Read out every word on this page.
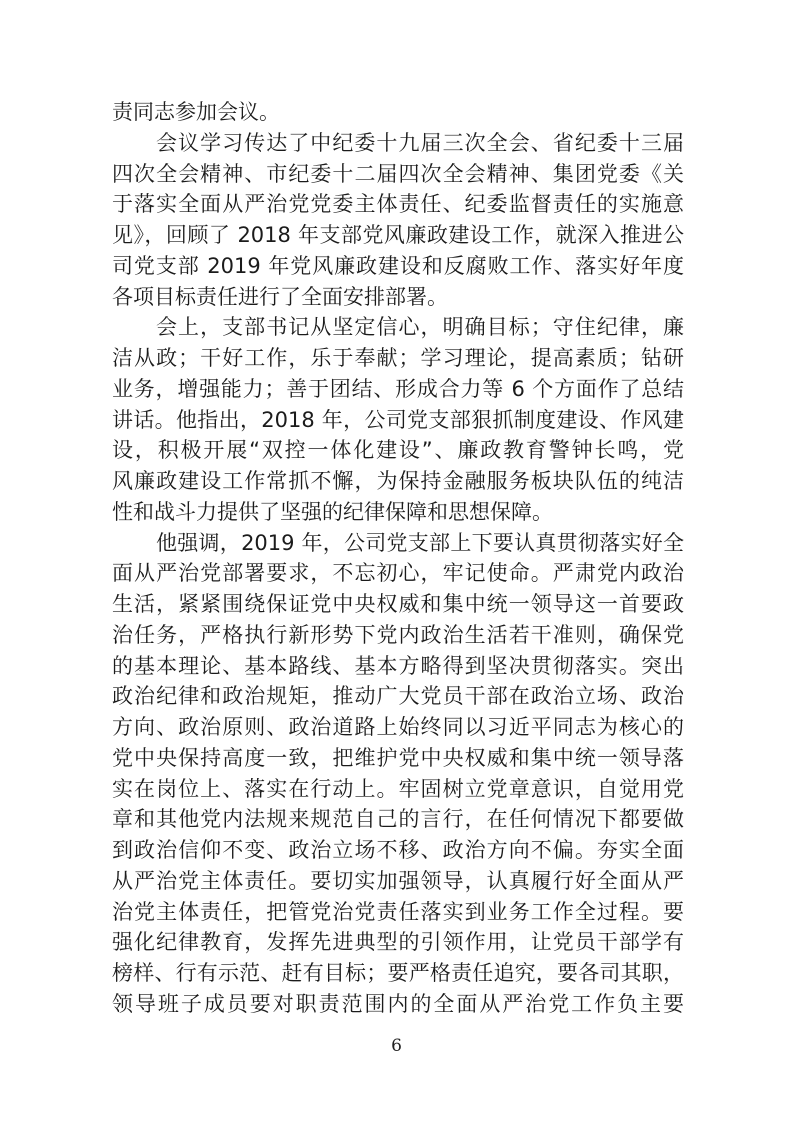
责同志参加会议。
会议学习传达了中纪委十九届三次全会、省纪委十三届
四次全会精神、市纪委十二届四次全会精神、集团党委《关
于落实全面从严治党党委主体责任、纪委监督责任的实施意
见》，回顾了 2018 年支部党风廉政建设工作，就深入推进公
司党支部 2019 年党风廉政建设和反腐败工作、落实好年度
各项目标责任进行了全面安排部署。
会上，支部书记从坚定信心，明确目标；守住纪律，廉
洁从政；干好工作，乐于奉献；学习理论，提高素质；钻研
业务，增强能力；善于团结、形成合力等 6 个方面作了总结
讲话。他指出，2018 年，公司党支部狠抓制度建设、作风建
设，积极开展“双控一体化建设”、廉政教育警钟长鸣，党
风廉政建设工作常抓不懈，为保持金融服务板块队伍的纯洁
性和战斗力提供了坚强的纪律保障和思想保障。
他强调，2019 年，公司党支部上下要认真贯彻落实好全
面从严治党部署要求，不忘初心，牢记使命。严肃党内政治
生活，紧紧围绕保证党中央权威和集中统一领导这一首要政
治任务，严格执行新形势下党内政治生活若干准则，确保党
的基本理论、基本路线、基本方略得到坚决贯彻落实。突出
政治纪律和政治规矩，推动广大党员干部在政治立场、政治
方向、政治原则、政治道路上始终同以习近平同志为核心的
党中央保持高度一致，把维护党中央权威和集中统一领导落
实在岗位上、落实在行动上。牢固树立党章意识，自觉用党
章和其他党内法规来规范自己的言行，在任何情况下都要做
到政治信仰不变、政治立场不移、政治方向不偏。夯实全面
从严治党主体责任。要切实加强领导，认真履行好全面从严
治党主体责任，把管党治党责任落实到业务工作全过程。要
强化纪律教育，发挥先进典型的引领作用，让党员干部学有
榜样、行有示范、赶有目标；要严格责任追究，要各司其职，
领导班子成员要对职责范围内的全面从严治党工作负主要
6
